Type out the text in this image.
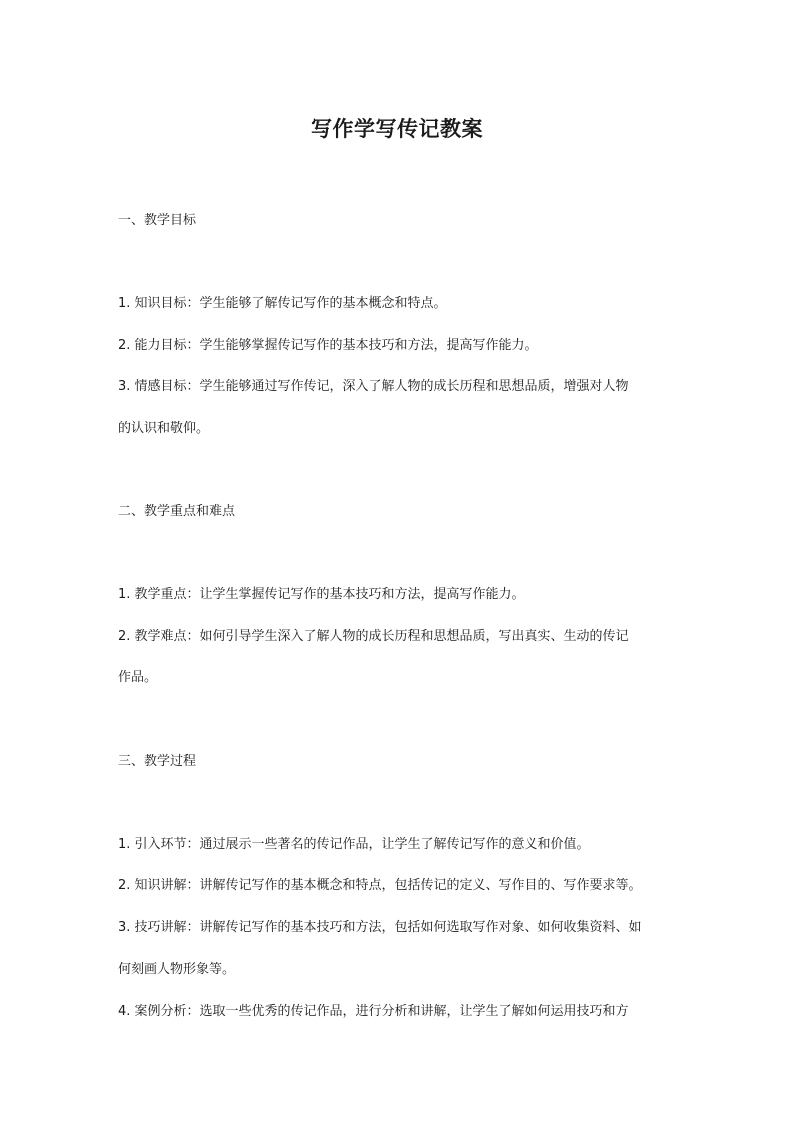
写作学写传记教案
一、教学目标
1. 知识目标：学生能够了解传记写作的基本概念和特点。
2. 能力目标：学生能够掌握传记写作的基本技巧和方法，提高写作能力。
3. 情感目标：学生能够通过写作传记，深入了解人物的成长历程和思想品质，增强对人物
的认识和敬仰。
二、教学重点和难点
1. 教学重点：让学生掌握传记写作的基本技巧和方法，提高写作能力。
2. 教学难点：如何引导学生深入了解人物的成长历程和思想品质，写出真实、生动的传记
作品。
三、教学过程
1. 引入环节：通过展示一些著名的传记作品，让学生了解传记写作的意义和价值。
2. 知识讲解：讲解传记写作的基本概念和特点，包括传记的定义、写作目的、写作要求等。
3. 技巧讲解：讲解传记写作的基本技巧和方法，包括如何选取写作对象、如何收集资料、如
何刻画人物形象等。
4. 案例分析：选取一些优秀的传记作品，进行分析和讲解，让学生了解如何运用技巧和方
